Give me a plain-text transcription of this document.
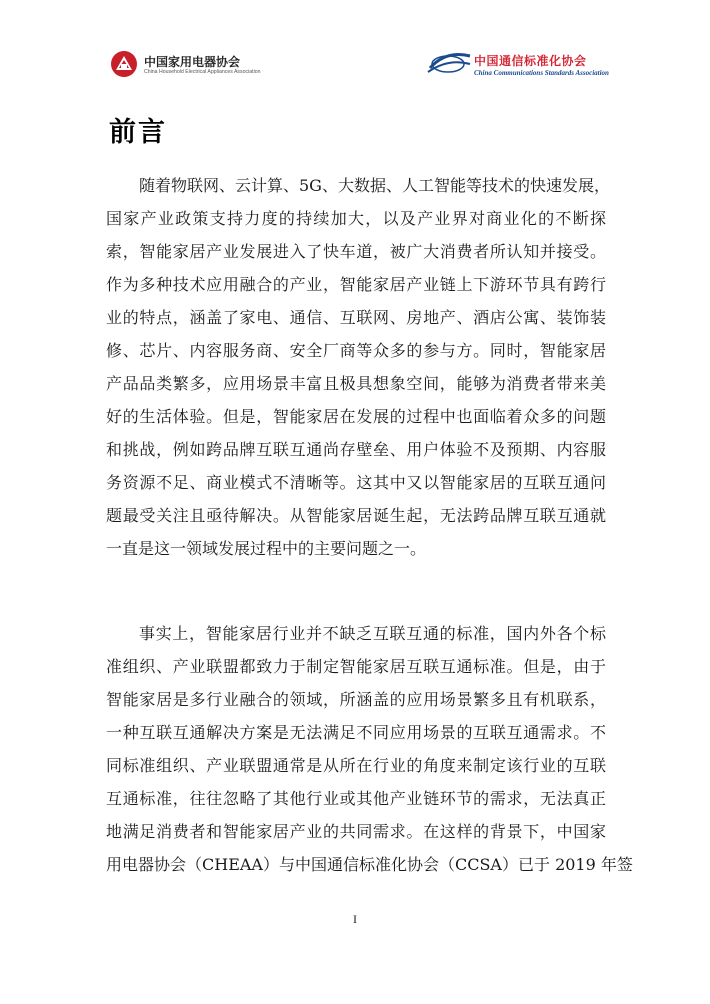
中国家用电器协会
China Household Electrical Appliances Association
中国通信标准化协会
China Communications Standards Association
前言
随着物联网、云计算、5G、大数据、人工智能等技术的快速发展，
国家产业政策支持力度的持续加大，以及产业界对商业化的不断探
索，智能家居产业发展进入了快车道，被广大消费者所认知并接受。
作为多种技术应用融合的产业，智能家居产业链上下游环节具有跨行
业的特点，涵盖了家电、通信、互联网、房地产、酒店公寓、装饰装
修、芯片、内容服务商、安全厂商等众多的参与方。同时，智能家居
产品品类繁多，应用场景丰富且极具想象空间，能够为消费者带来美
好的生活体验。但是，智能家居在发展的过程中也面临着众多的问题
和挑战，例如跨品牌互联互通尚存壁垒、用户体验不及预期、内容服
务资源不足、商业模式不清晰等。这其中又以智能家居的互联互通问
题最受关注且亟待解决。从智能家居诞生起，无法跨品牌互联互通就
一直是这一领域发展过程中的主要问题之一。
事实上，智能家居行业并不缺乏互联互通的标准，国内外各个标
准组织、产业联盟都致力于制定智能家居互联互通标准。但是，由于
智能家居是多行业融合的领域，所涵盖的应用场景繁多且有机联系，
一种互联互通解决方案是无法满足不同应用场景的互联互通需求。不
同标准组织、产业联盟通常是从所在行业的角度来制定该行业的互联
互通标准，往往忽略了其他行业或其他产业链环节的需求，无法真正
地满足消费者和智能家居产业的共同需求。在这样的背景下，中国家
用电器协会（CHEAA）与中国通信标准化协会（CCSA）已于 2019 年签
I
